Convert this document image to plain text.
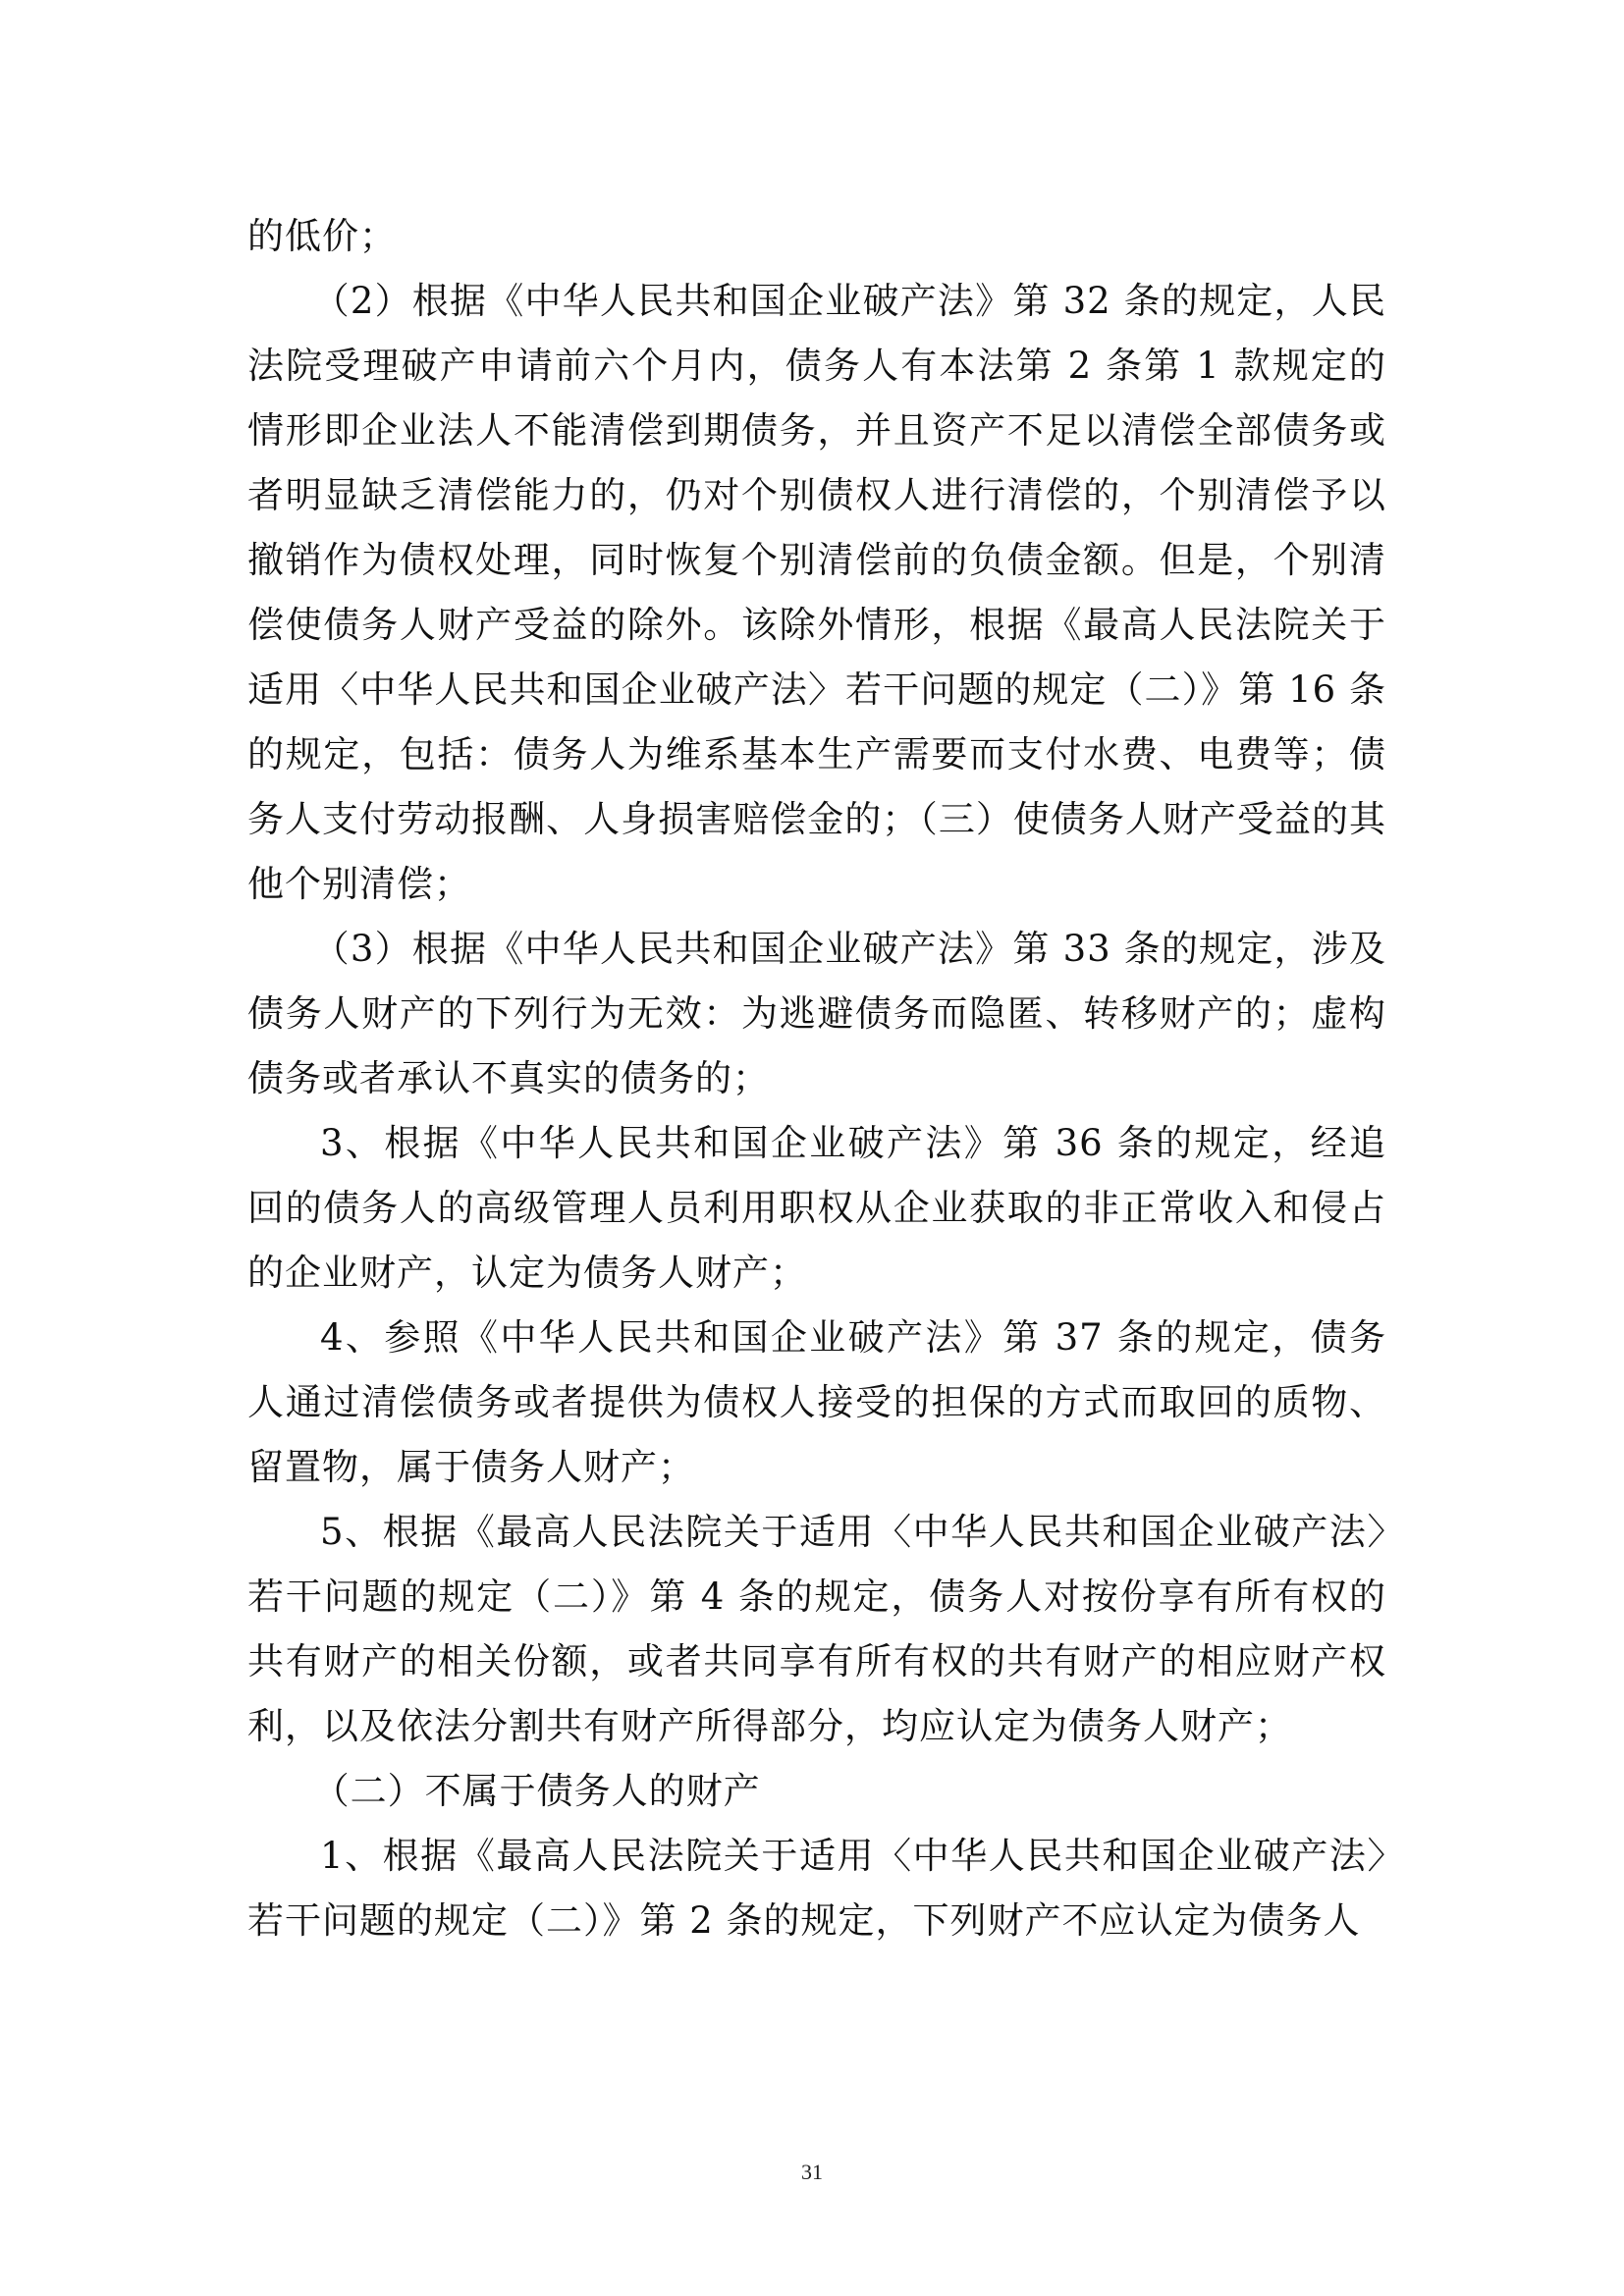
的低价；

（2）根据《中华人民共和国企业破产法》第 32 条的规定，人民法院受理破产申请前六个月内，债务人有本法第 2 条第 1 款规定的情形即企业法人不能清偿到期债务，并且资产不足以清偿全部债务或者明显缺乏清偿能力的，仍对个别债权人进行清偿的，个别清偿予以撤销作为债权处理，同时恢复个别清偿前的负债金额。但是，个别清偿使债务人财产受益的除外。该除外情形，根据《最高人民法院关于适用〈中华人民共和国企业破产法〉若干问题的规定（二）》第 16 条的规定，包括：债务人为维系基本生产需要而支付水费、电费等；债务人支付劳动报酬、人身损害赔偿金的；（三）使债务人财产受益的其他个别清偿；

（3）根据《中华人民共和国企业破产法》第 33 条的规定，涉及债务人财产的下列行为无效：为逃避债务而隐匿、转移财产的；虚构债务或者承认不真实的债务的；

3、根据《中华人民共和国企业破产法》第 36 条的规定，经追回的债务人的高级管理人员利用职权从企业获取的非正常收入和侵占的企业财产，认定为债务人财产；

4、参照《中华人民共和国企业破产法》第 37 条的规定，债务人通过清偿债务或者提供为债权人接受的担保的方式而取回的质物、留置物，属于债务人财产；

5、根据《最高人民法院关于适用〈中华人民共和国企业破产法〉若干问题的规定（二）》第 4 条的规定，债务人对按份享有所有权的共有财产的相关份额，或者共同享有所有权的共有财产的相应财产权利，以及依法分割共有财产所得部分，均应认定为债务人财产；

（二）不属于债务人的财产

1、根据《最高人民法院关于适用〈中华人民共和国企业破产法〉若干问题的规定（二）》第 2 条的规定，下列财产不应认定为债务人

31
